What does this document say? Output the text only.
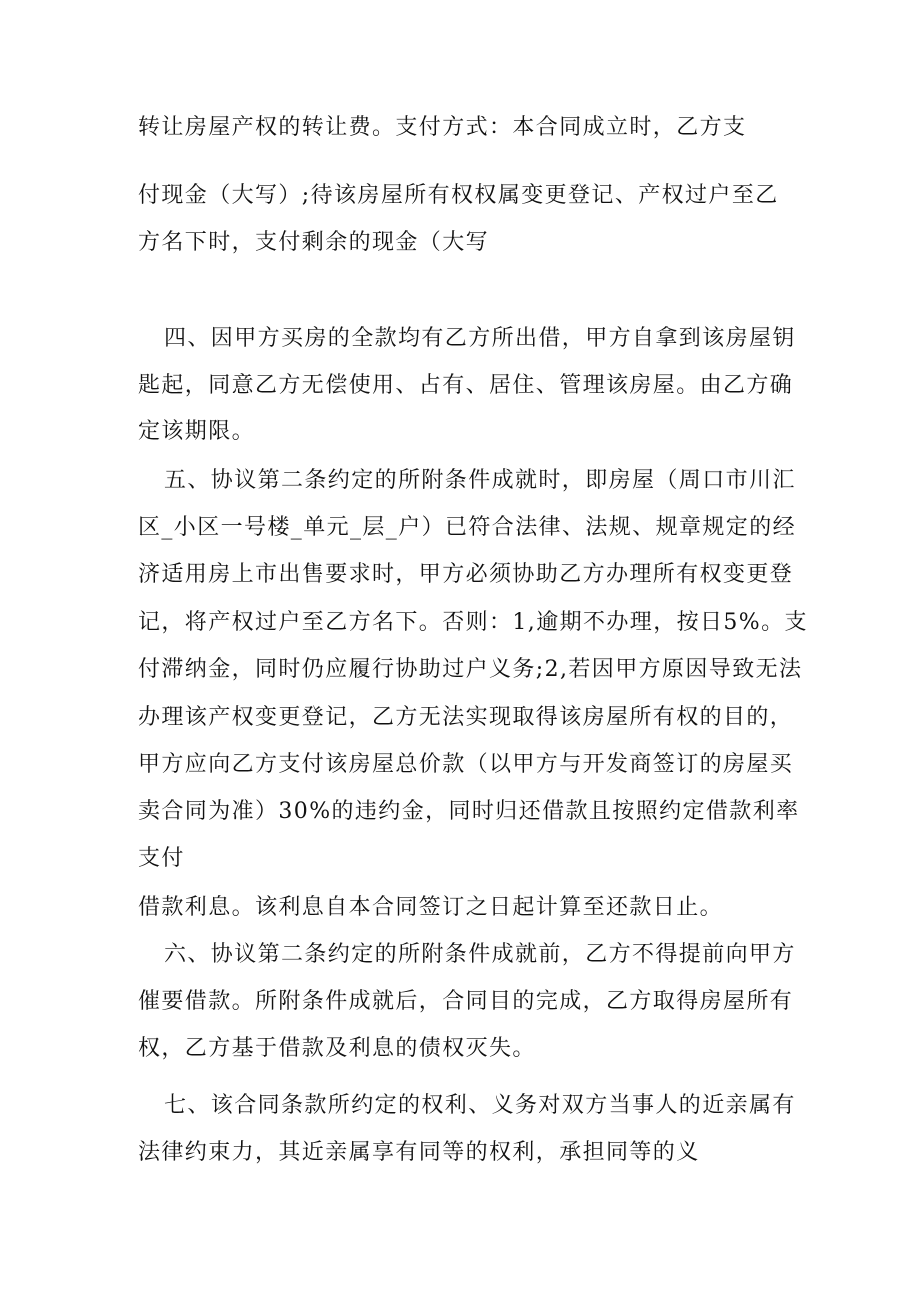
转让房屋产权的转让费。支付方式：本合同成立时，乙方支
付现金（大写）;待该房屋所有权权属变更登记、产权过户至乙
方名下时，支付剩余的现金（大写
四、因甲方买房的全款均有乙方所出借，甲方自拿到该房屋钥
匙起，同意乙方无偿使用、占有、居住、管理该房屋。由乙方确
定该期限。
五、协议第二条约定的所附条件成就时，即房屋（周口市川汇
区_小区一号楼_单元_层_户）已符合法律、法规、规章规定的经
济适用房上市出售要求时，甲方必须协助乙方办理所有权变更登
记，将产权过户至乙方名下。否则：1,逾期不办理，按日5%。支
付滞纳金，同时仍应履行协助过户义务;2,若因甲方原因导致无法
办理该产权变更登记，乙方无法实现取得该房屋所有权的目的，
甲方应向乙方支付该房屋总价款（以甲方与开发商签订的房屋买
卖合同为准）30%的违约金，同时归还借款且按照约定借款利率
支付
借款利息。该利息自本合同签订之日起计算至还款日止。
六、协议第二条约定的所附条件成就前，乙方不得提前向甲方
催要借款。所附条件成就后，合同目的完成，乙方取得房屋所有
权，乙方基于借款及利息的债权灭失。
七、该合同条款所约定的权利、义务对双方当事人的近亲属有
法律约束力，其近亲属享有同等的权利，承担同等的义
